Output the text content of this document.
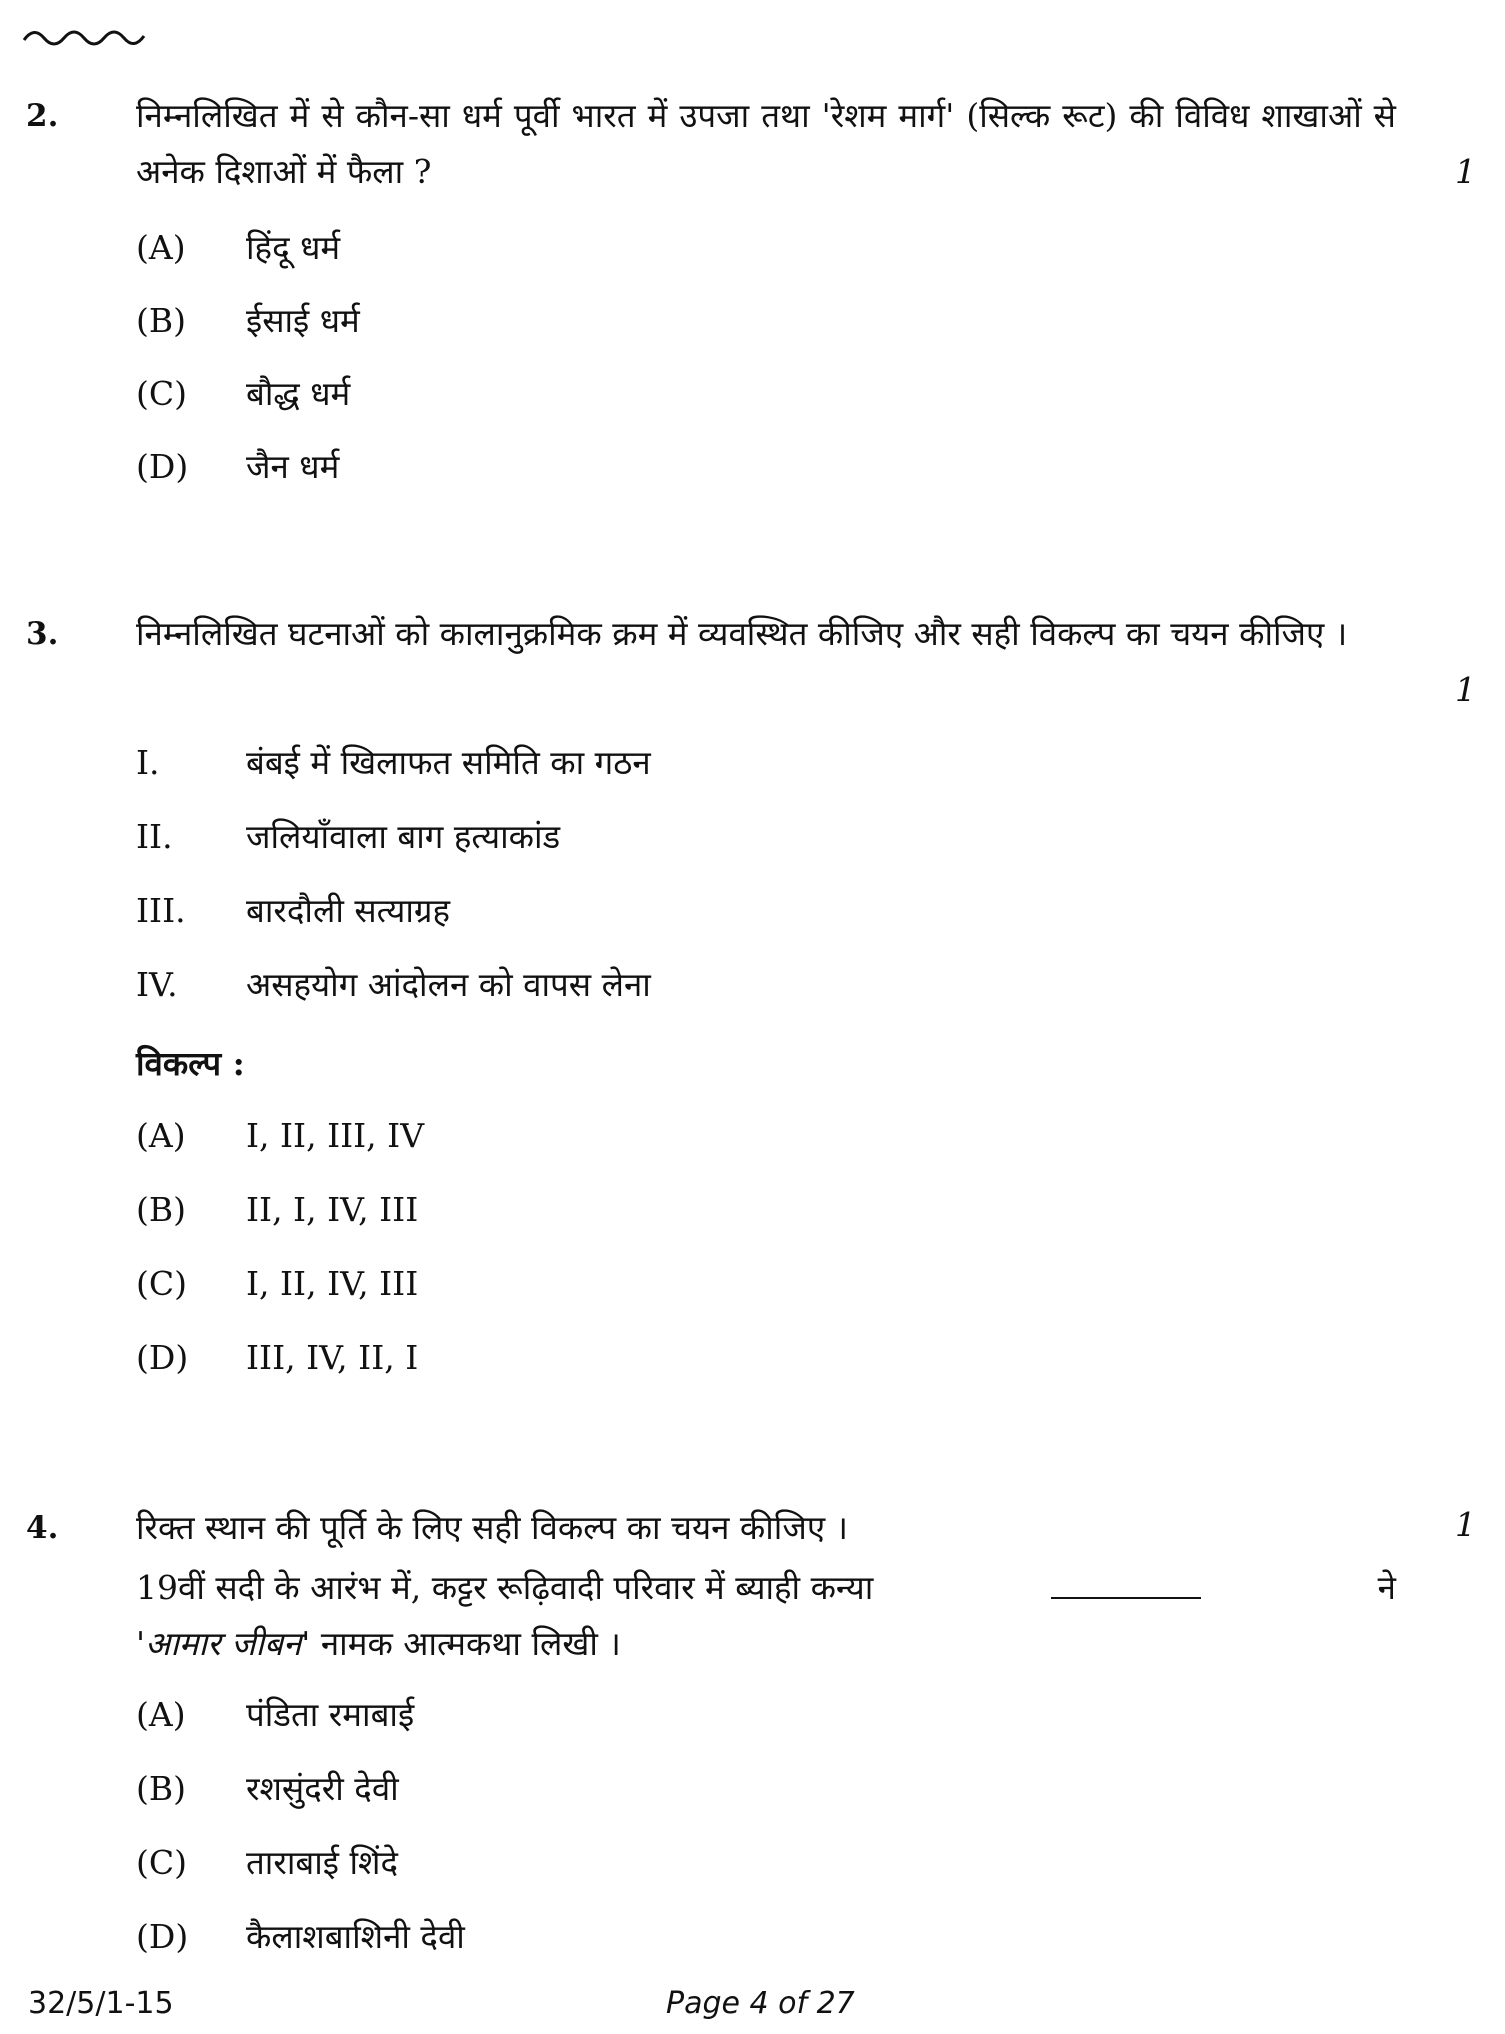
2. निम्नलिखित में से कौन-सा धर्म पूर्वी भारत में उपजा तथा 'रेशम मार्ग' (सिल्क रूट) की विविध शाखाओं से अनेक दिशाओं में फैला ?	1
(A) हिंदू धर्म
(B) ईसाई धर्म
(C) बौद्ध धर्म
(D) जैन धर्म
3. निम्नलिखित घटनाओं को कालानुक्रमिक क्रम में व्यवस्थित कीजिए और सही विकल्प का चयन कीजिए ।
1
I.	बंबई में खिलाफत समिति का गठन
II. जलियाँवाला बाग हत्याकांड
III. बारदौली सत्याग्रह
IV. असहयोग आंदोलन को वापस लेना
विकल्प :
(A) I, II, III, IV
(B) II, I, IV, III
(C) I, II, IV, III
(D) III, IV, II, I
4. रिक्त स्थान की पूर्ति के लिए सही विकल्प का चयन कीजिए ।	1
19वीं सदी के आरंभ में, कट्टर रूढ़िवादी परिवार में ब्याही कन्या	ने
'आमार जीबन' नामक आत्मकथा लिखी ।
(A) पंडिता रमाबाई
(B) रशसुंदरी देवी
(C) ताराबाई शिंदे
(D) कैलाशबाशिनी देवी
32/5/1-15	Page 4 of 27
